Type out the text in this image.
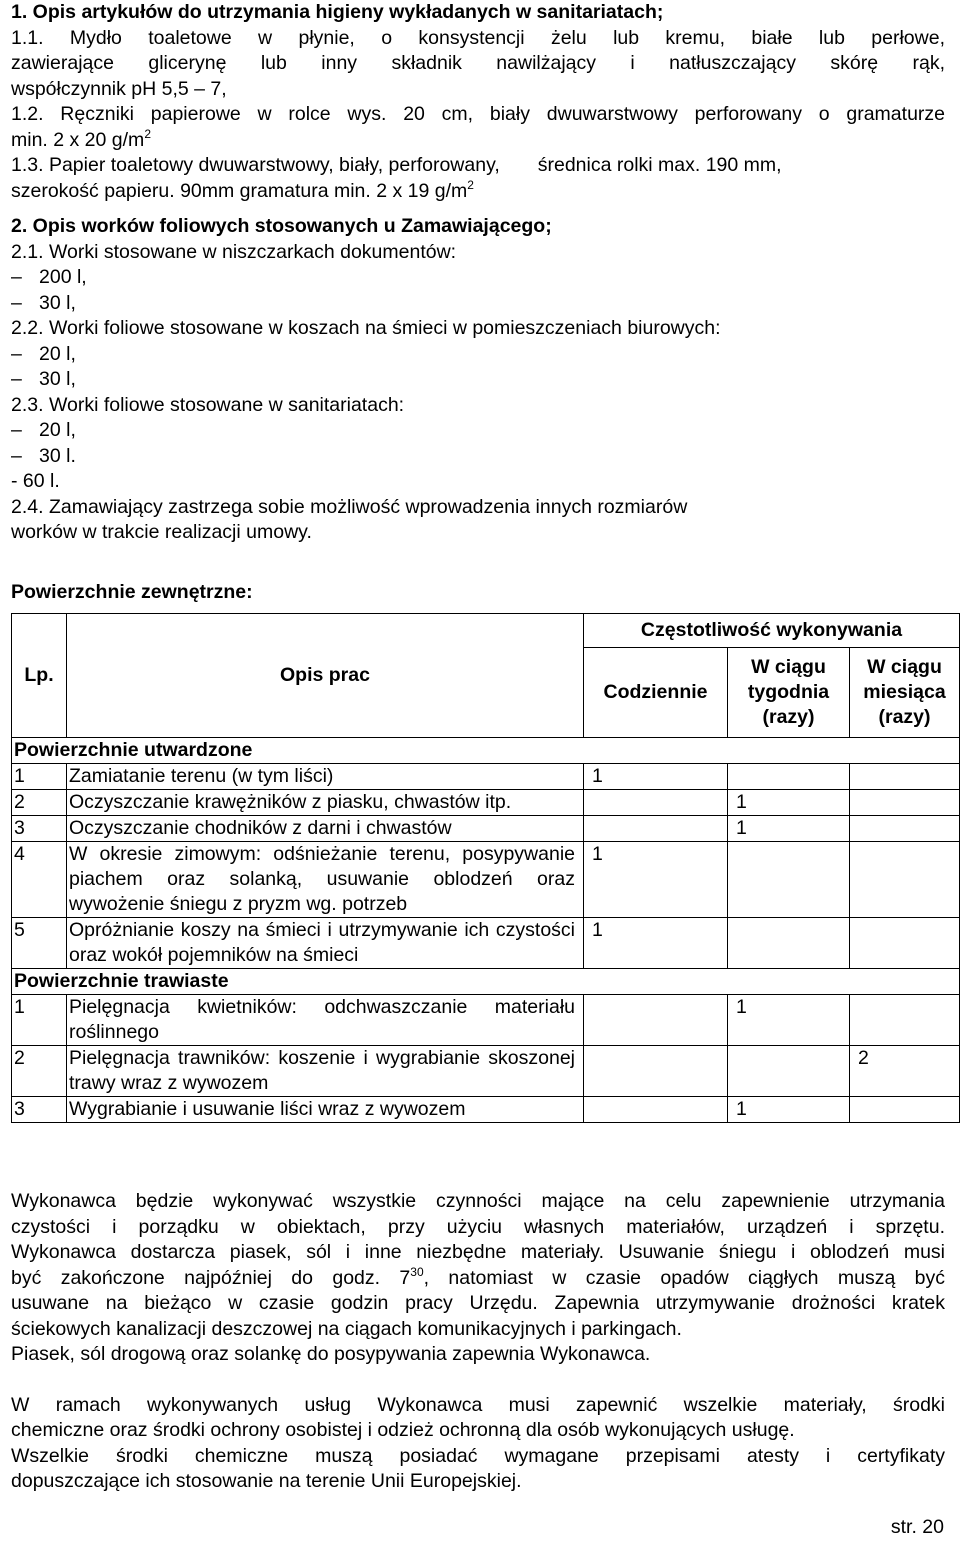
1. Opis artykułów do utrzymania higieny wykładanych w sanitariatach;
1.1. Mydło toaletowe w płynie, o konsystencji żelu lub kremu, białe lub perłowe,
zawierające glicerynę lub inny składnik nawilżający i natłuszczający skórę rąk,
współczynnik pH 5,5 – 7,
1.2. Ręczniki papierowe w rolce wys. 20 cm, biały dwuwarstwowy perforowany o gramaturze
min. 2 x 20 $g/m^2$
1.3. Papier toaletowy dwuwarstwowy, biały, perforowany,       średnica rolki max. 190 mm,
szerokość papieru. 90mm gramatura min. 2 x 19 $g/m^2$
2. Opis worków foliowych stosowanych u Zamawiającego;
2.1. Worki stosowane w niszczarkach dokumentów:
– 200 l,
– 30 l,
2.2. Worki foliowe stosowane w koszach na śmieci w pomieszczeniach biurowych:
– 20 l,
– 30 l,
2.3. Worki foliowe stosowane w sanitariatach:
– 20 l,
– 30 l.
- 60 l.
2.4. Zamawiający zastrzega sobie możliwość wprowadzenia innych rozmiarów
worków w trakcie realizacji umowy.
Powierzchnie zewnętrzne:
Lp.	Opis prac	Częstotliwość wykonywania		
		Codziennie	W ciągu tygodnia (razy)	W ciągu miesiąca (razy)
Powierzchnie utwardzone				
1	Zamiatanie terenu (w tym liści)	1		
2	Oczyszczanie krawężników z piasku, chwastów itp.		1	
3	Oczyszczanie chodników z darni i chwastów		1	
4	W okresie zimowym: odśnieżanie terenu, posypywanie piachem oraz solanką, usuwanie oblodzeń oraz wywożenie śniegu z pryzm wg. potrzeb	1		
5	Opróżnianie koszy na śmieci i utrzymywanie ich czystości oraz wokół pojemników na śmieci	1		
Powierzchnie trawiaste				
1	Pielęgnacja kwietników: odchwaszczanie materiału roślinnego		1	
2	Pielęgnacja trawników: koszenie i wygrabianie skoszonej trawy wraz z wywozem			2
3	Wygrabianie i usuwanie liści wraz z wywozem		1	
Wykonawca będzie wykonywać wszystkie czynności mające na celu zapewnienie utrzymania
czystości i porządku w obiektach, przy użyciu własnych materiałów, urządzeń i sprzętu.
Wykonawca dostarcza piasek, sól i inne niezbędne materiały. Usuwanie śniegu i oblodzeń musi
być zakończone najpóźniej do godz. $7^{30}$, natomiast w czasie opadów ciągłych muszą być
usuwane na bieżąco w czasie godzin pracy Urzędu. Zapewnia utrzymywanie drożności kratek
ściekowych kanalizacji deszczowej na ciągach komunikacyjnych i parkingach.
Piasek, sól drogową oraz solankę do posypywania zapewnia Wykonawca.
W ramach wykonywanych usług Wykonawca musi zapewnić wszelkie materiały, środki
chemiczne oraz środki ochrony osobistej i odzież ochronną dla osób wykonujących usługę.
Wszelkie środki chemiczne muszą posiadać wymagane przepisami atesty i certyfikaty
dopuszczające ich stosowanie na terenie Unii Europejskiej.
str. 20
